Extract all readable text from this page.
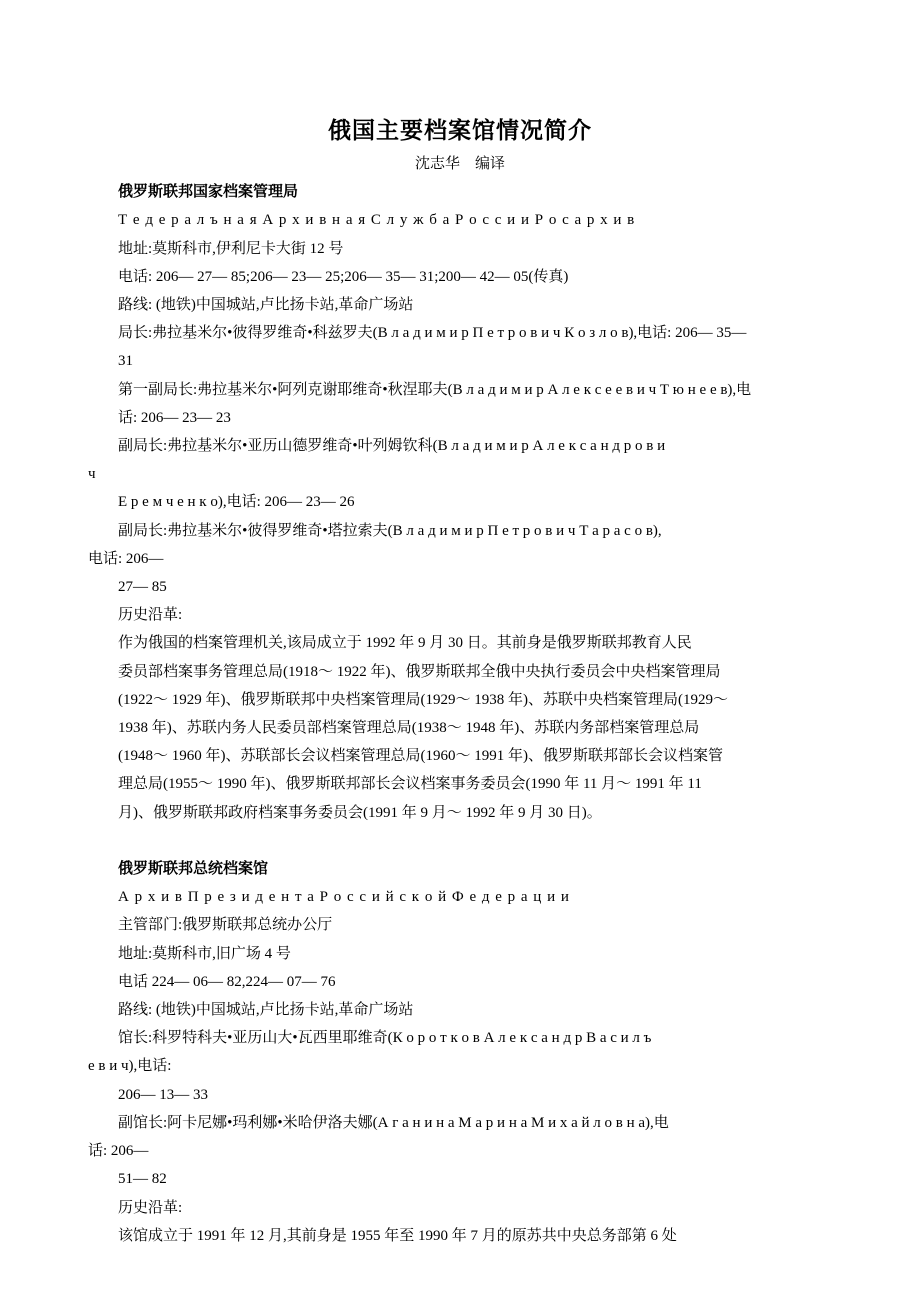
俄国主要档案馆情况简介
沈志华　编译
俄罗斯联邦国家档案管理局
Т е д е р а л ъ н а я А р х и в н а я С л у ж б а Р о с с и и Р о с а р х и в
地址:莫斯科市,伊利尼卡大街 12 号
电话: 206— 27— 85;206— 23— 25;206— 35— 31;200— 42— 05(传真)
路线: (地铁)中国城站,卢比扬卡站,革命广场站
局长:弗拉基米尔•彼得罗维奇•科兹罗夫(В л а д и м и р П е т р о в и ч К о з л о в),电话: 206— 35—
31
第一副局长:弗拉基米尔•阿列克谢耶维奇•秋涅耶夫(В л а д и м и р А л е к с е е в и ч Т ю н е е в),电
话: 206— 23— 23
副局长:弗拉基米尔•亚历山德罗维奇•叶列姆钦科(В л а д и м и р А л е к с а н д р о в и
ч
Е р е м ч е н к о),电话: 206— 23— 26
副局长:弗拉基米尔•彼得罗维奇•塔拉索夫(В л а д и м и р П е т р о в и ч Т а р а с о в),
电话: 206—
27— 85
历史沿革:
作为俄国的档案管理机关,该局成立于 1992 年 9 月 30 日。其前身是俄罗斯联邦教育人民
委员部档案事务管理总局(1918～ 1922 年)、俄罗斯联邦全俄中央执行委员会中央档案管理局
(1922～ 1929 年)、俄罗斯联邦中央档案管理局(1929～ 1938 年)、苏联中央档案管理局(1929～
1938 年)、苏联内务人民委员部档案管理总局(1938～ 1948 年)、苏联内务部档案管理总局
(1948～ 1960 年)、苏联部长会议档案管理总局(1960～ 1991 年)、俄罗斯联邦部长会议档案管
理总局(1955～ 1990 年)、俄罗斯联邦部长会议档案事务委员会(1990 年 11 月～ 1991 年 11
月)、俄罗斯联邦政府档案事务委员会(1991 年 9 月～ 1992 年 9 月 30 日)。
俄罗斯联邦总统档案馆
А р х и в П р е з и д е н т а Р о с с и й с к о й Ф е д е р а ц и и
主管部门:俄罗斯联邦总统办公厅
地址:莫斯科市,旧广场 4 号
电话 224— 06— 82,224— 07— 76
路线: (地铁)中国城站,卢比扬卡站,革命广场站
馆长:科罗特科夫•亚历山大•瓦西里耶维奇(К о р о т к о в А л е к с а н д р В а с и л ъ
е в и ч),电话:
206— 13— 33
副馆长:阿卡尼娜•玛利娜•米哈伊洛夫娜(А г а н и н а М а р и н а М и х а й л о в н а),电
话: 206—
51— 82
历史沿革:
该馆成立于 1991 年 12 月,其前身是 1955 年至 1990 年 7 月的原苏共中央总务部第 6 处
